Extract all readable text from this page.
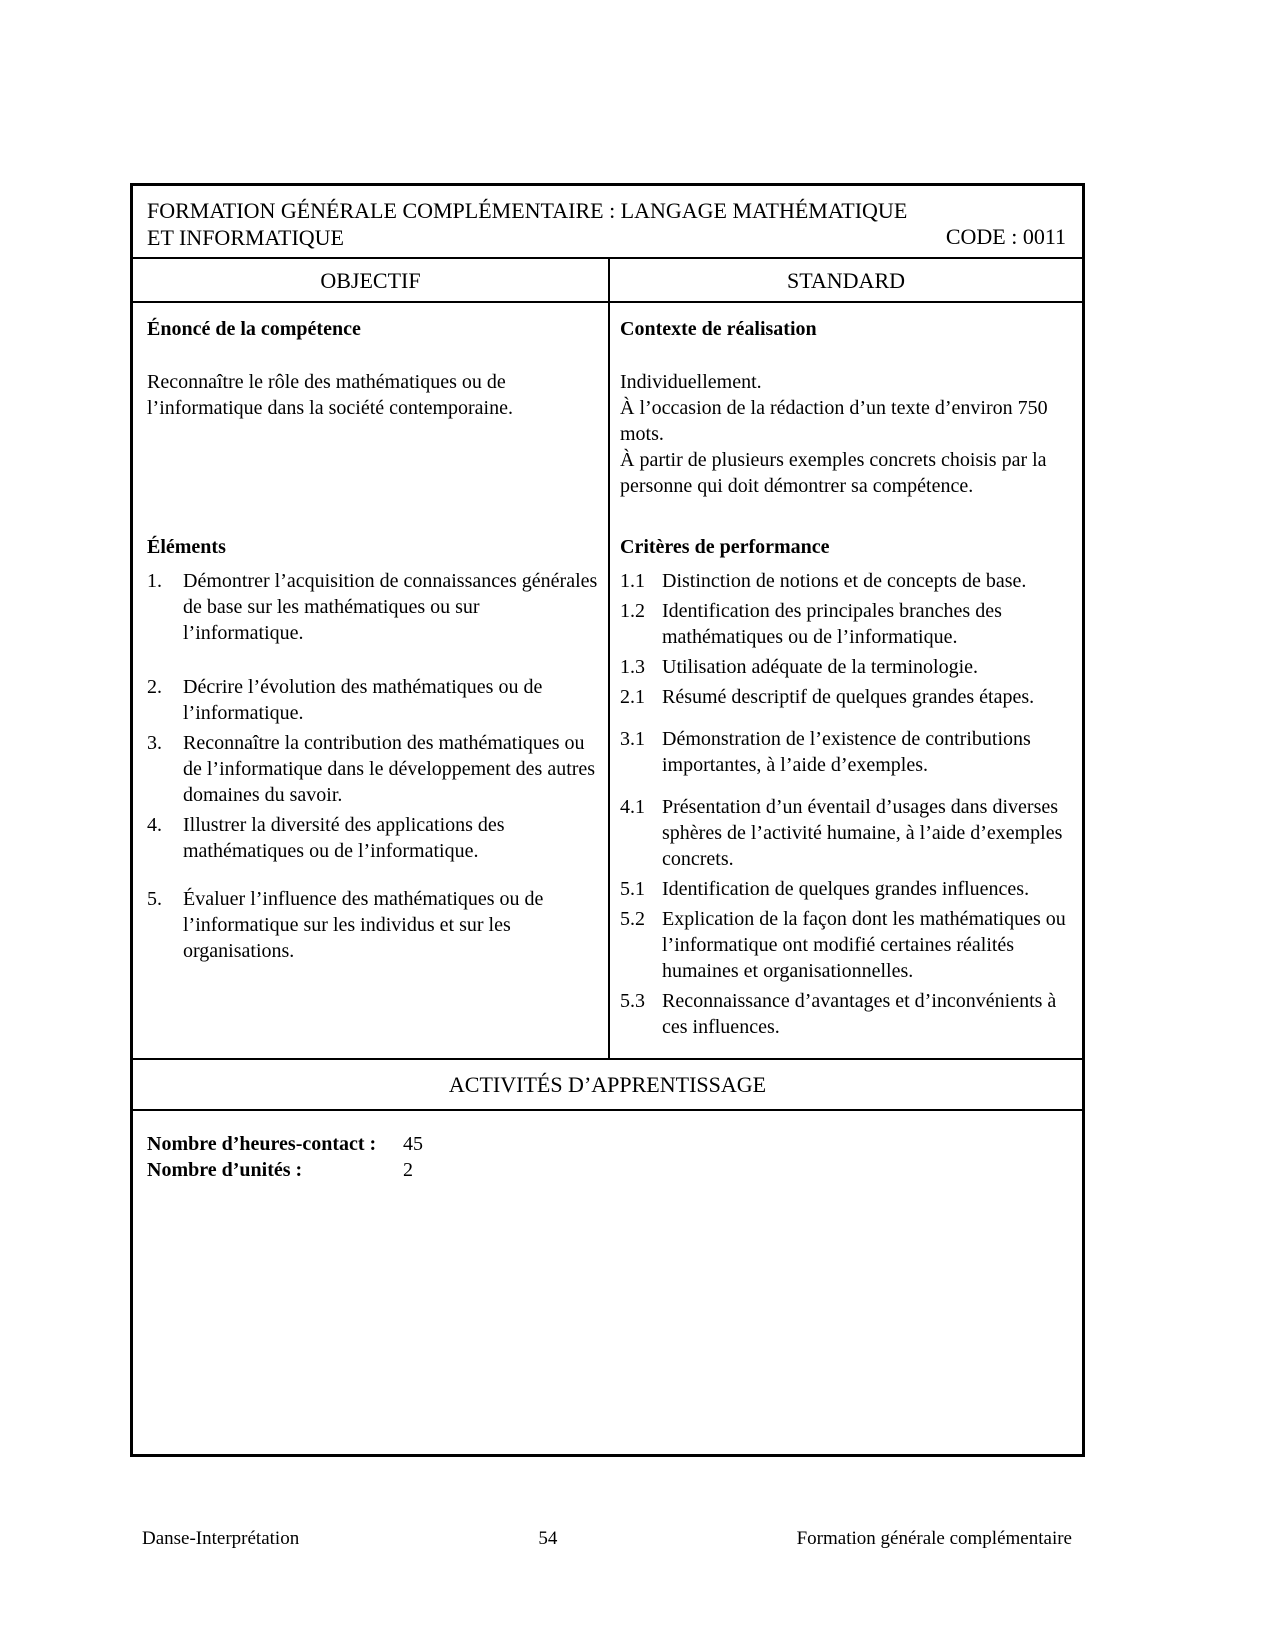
FORMATION GÉNÉRALE COMPLÉMENTAIRE : LANGAGE MATHÉMATIQUE
ET INFORMATIQUE	CODE : 0011
OBJECTIF	STANDARD
Énoncé de la compétence
Reconnaître le rôle des mathématiques ou de l’informatique dans la société contemporaine.
Éléments
1.	Démontrer l’acquisition de connaissances générales de base sur les mathématiques ou sur l’informatique.
2.	Décrire l’évolution des mathématiques ou de l’informatique.
3.	Reconnaître la contribution des mathématiques ou de l’informatique dans le développement des autres domaines du savoir.
4.	Illustrer la diversité des applications des mathématiques ou de l’informatique.
5.	Évaluer l’influence des mathématiques ou de l’informatique sur les individus et sur les organisations.
Contexte de réalisation
Individuellement.
À l’occasion de la rédaction d’un texte d’environ 750 mots.
À partir de plusieurs exemples concrets choisis par la personne qui doit démontrer sa compétence.
Critères de performance
1.1 Distinction de notions et de concepts de base.
1.2 Identification des principales branches des mathématiques ou de l’informatique.
1.3 Utilisation adéquate de la terminologie.
2.1 Résumé descriptif de quelques grandes étapes.
3.1 Démonstration de l’existence de contributions importantes, à l’aide d’exemples.
4.1 Présentation d’un éventail d’usages dans diverses sphères de l’activité humaine, à l’aide d’exemples concrets.
5.1 Identification de quelques grandes influences.
5.2 Explication de la façon dont les mathématiques ou l’informatique ont modifié certaines réalités humaines et organisationnelles.
5.3 Reconnaissance d’avantages et d’inconvénients à ces influences.
ACTIVITÉS D’APPRENTISSAGE
Nombre d’heures-contact :	45
Nombre d’unités :	2
Danse-Interprétation	54	Formation générale complémentaire
